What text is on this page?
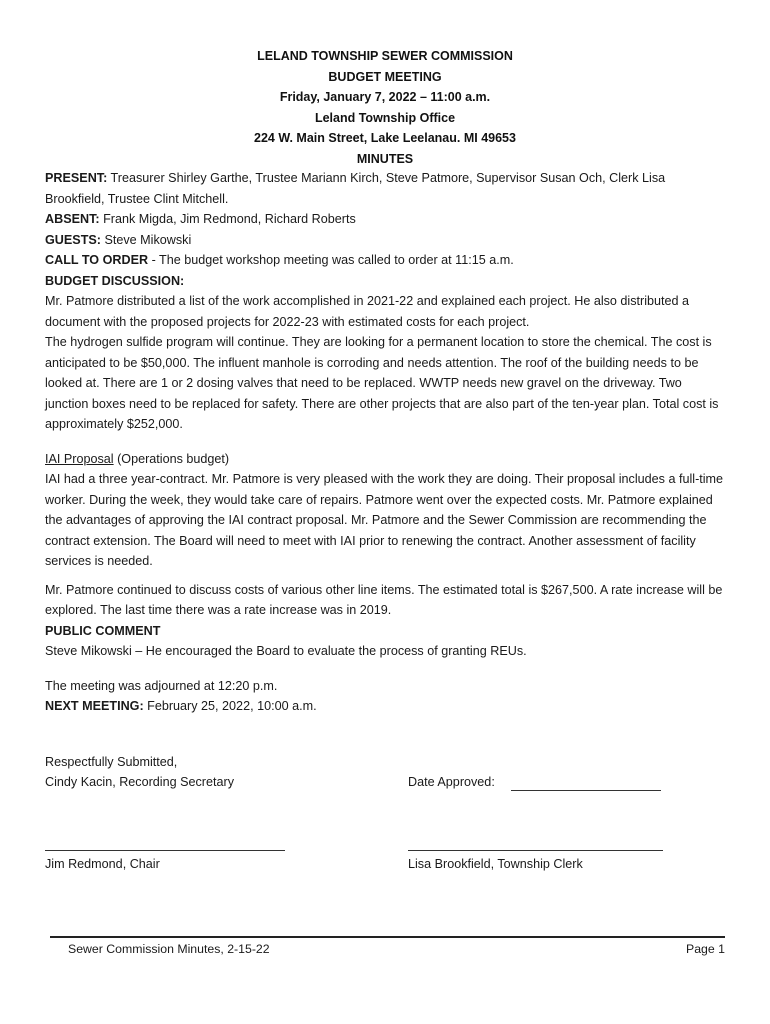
LELAND TOWNSHIP SEWER COMMISSION
BUDGET MEETING
Friday, January 7, 2022 – 11:00 a.m.
Leland Township Office
224 W. Main Street, Lake Leelanau. MI 49653
MINUTES

PRESENT: Treasurer Shirley Garthe, Trustee Mariann Kirch, Steve Patmore, Supervisor Susan Och, Clerk Lisa Brookfield, Trustee Clint Mitchell.

ABSENT: Frank Migda, Jim Redmond, Richard Roberts

GUESTS: Steve Mikowski

CALL TO ORDER - The budget workshop meeting was called to order at 11:15 a.m.

BUDGET DISCUSSION:

Mr. Patmore distributed a list of the work accomplished in 2021-22 and explained each project. He also distributed a document with the proposed projects for 2022-23 with estimated costs for each project.

The hydrogen sulfide program will continue. They are looking for a permanent location to store the chemical. The cost is anticipated to be $50,000. The influent manhole is corroding and needs attention. The roof of the building needs to be looked at. There are 1 or 2 dosing valves that need to be replaced. WWTP needs new gravel on the driveway. Two junction boxes need to be replaced for safety. There are other projects that are also part of the ten-year plan. Total cost is approximately $252,000.

IAI Proposal (Operations budget)

IAI had a three year-contract. Mr. Patmore is very pleased with the work they are doing. Their proposal includes a full-time worker. During the week, they would take care of repairs. Patmore went over the expected costs. Mr. Patmore explained the advantages of approving the IAI contract proposal. Mr. Patmore and the Sewer Commission are recommending the contract extension. The Board will need to meet with IAI prior to renewing the contract. Another assessment of facility services is needed.

Mr. Patmore continued to discuss costs of various other line items. The estimated total is $267,500. A rate increase will be explored. The last time there was a rate increase was in 2019.

PUBLIC COMMENT

Steve Mikowski – He encouraged the Board to evaluate the process of granting REUs.

The meeting was adjourned at 12:20 p.m.

NEXT MEETING: February 25, 2022, 10:00 a.m.

Respectfully Submitted,
Cindy Kacin, Recording Secretary	Date Approved:
Jim Redmond, Chair	Lisa Brookfield, Township Clerk
Sewer Commission Minutes, 2-15-22	Page 1
